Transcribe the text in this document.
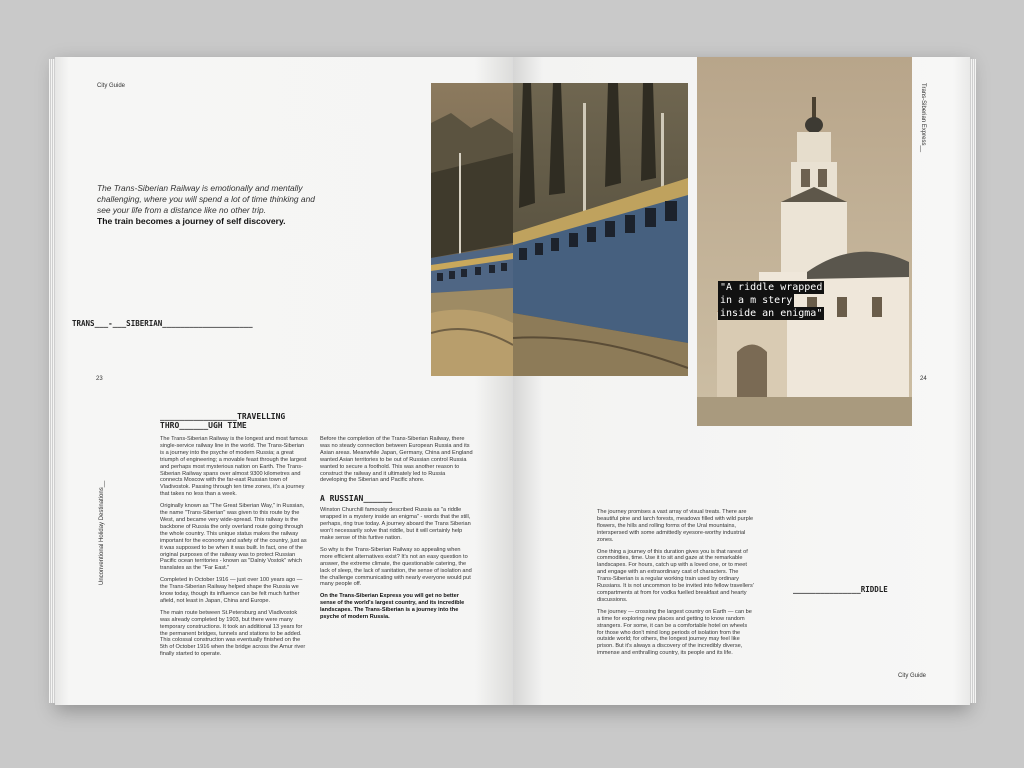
City Guide
The Trans-Siberian Railway is emotionally and mentally challenging, where you will spend a lot of time thinking and see your life from a distance like no other trip.
The train becomes a journey of self discovery.
TRANS___-___SIBERIAN____________________
23
Unconventional Holiday Destinations__
________________TRAVELLING
THRO______UGH TIME

The Trans-Siberian Railway is the longest and most famous single-service railway line in the world. The Trans-Siberian is a journey into the psyche of modern Russia; a great triumph of engineering; a movable feast through the largest and perhaps most mysterious nation on Earth. The Trans-Siberian Railway spans over almost 9300 kilometres and connects Moscow with the far-east Russian town of Vladivostok. Passing through ten time zones, it's a journey that takes no less than a week.

Originally known as "The Great Siberian Way," in Russian, the name "Trans-Siberian" was given to this route by the West, and became very wide-spread. This railway is the backbone of Russia the only overland route going through the whole country. This unique status makes the railway important for the economy and safety of the country, just as it was supposed to be when it was built. In fact, one of the original purposes of the railway was to protect Russian Pacific ocean territories - known as "Dalniy Vostok" which translates as the "Far East."

Completed in October 1916 — just over 100 years ago — the Trans-Siberian Railway helped shape the Russia we know today, though its influence can be felt much further afield, not least in Japan, China and Europe.

The main route between St.Petersburg and Vladivostok was already completed by 1903, but there were many temporary constructions. It took an additional 13 years for the permanent bridges, tunnels and stations to be added. This colossal construction was eventually finished on the 5th of October 1916 when the bridge across the Amur river finally started to operate.

Before the completion of the Trans-Siberian Railway, there was no steady connection between European Russia and its Asian areas. Meanwhile Japan, Germany, China and England wanted Asian territories to be out of Russian control Russia wanted to secure a foothold. This was another reason to construct the railway and it ultimately led to Russia developing the Siberian and Pacific shore.

A RUSSIAN______

Winston Churchill famously described Russia as "a riddle wrapped in a mystery inside an enigma" - words that the still, perhaps, ring true today. A journey aboard the Trans Siberian won't necessarily solve that riddle, but it will certainly help make sense of this furtive nation.

So why is the Trans-Siberian Railway so appealing when more efficient alternatives exist? It's not an easy question to answer, the extreme climate, the questionable catering, the lack of sleep, the lack of sanitation, the sense of isolation and the challenge communicating with nearly everyone would put many people off.

On the Trans-Siberian Express you will get no better sense of the world's largest country, and its incredible landscapes. The Trans-Siberian is a journey into the psyche of modern Russia.

"A riddle wrapped
in a m stery
inside an enigma"
Trans-Siberian Express__
24

The journey promises a vast array of visual treats. There are beautiful pine and larch forests, meadows filled with wild purple flowers, the hills and rolling forms of the Ural mountains, interspersed with some admittedly eyesore-worthy industrial zones.

One thing a journey of this duration gives you is that rarest of commodities, time. Use it to sit and gaze at the remarkable landscapes. For hours, catch up with a loved one, or to meet and engage with an extraordinary cast of characters. The Trans-Siberian is a regular working train used by ordinary Russians. It is not uncommon to be invited into fellow travellers' compartments at from for vodka fuelled breakfast and hearty discussions.

The journey — crossing the largest country on Earth — can be a time for exploring new places and getting to know random strangers. For some, it can be a comfortable hotel on wheels for those who don't mind long periods of isolation from the outside world; for others, the longest journey may feel like prison. But it's always a discovery of the incredibly diverse, immense and enthralling country, its people and its life.

_______________RIDDLE
City Guide
